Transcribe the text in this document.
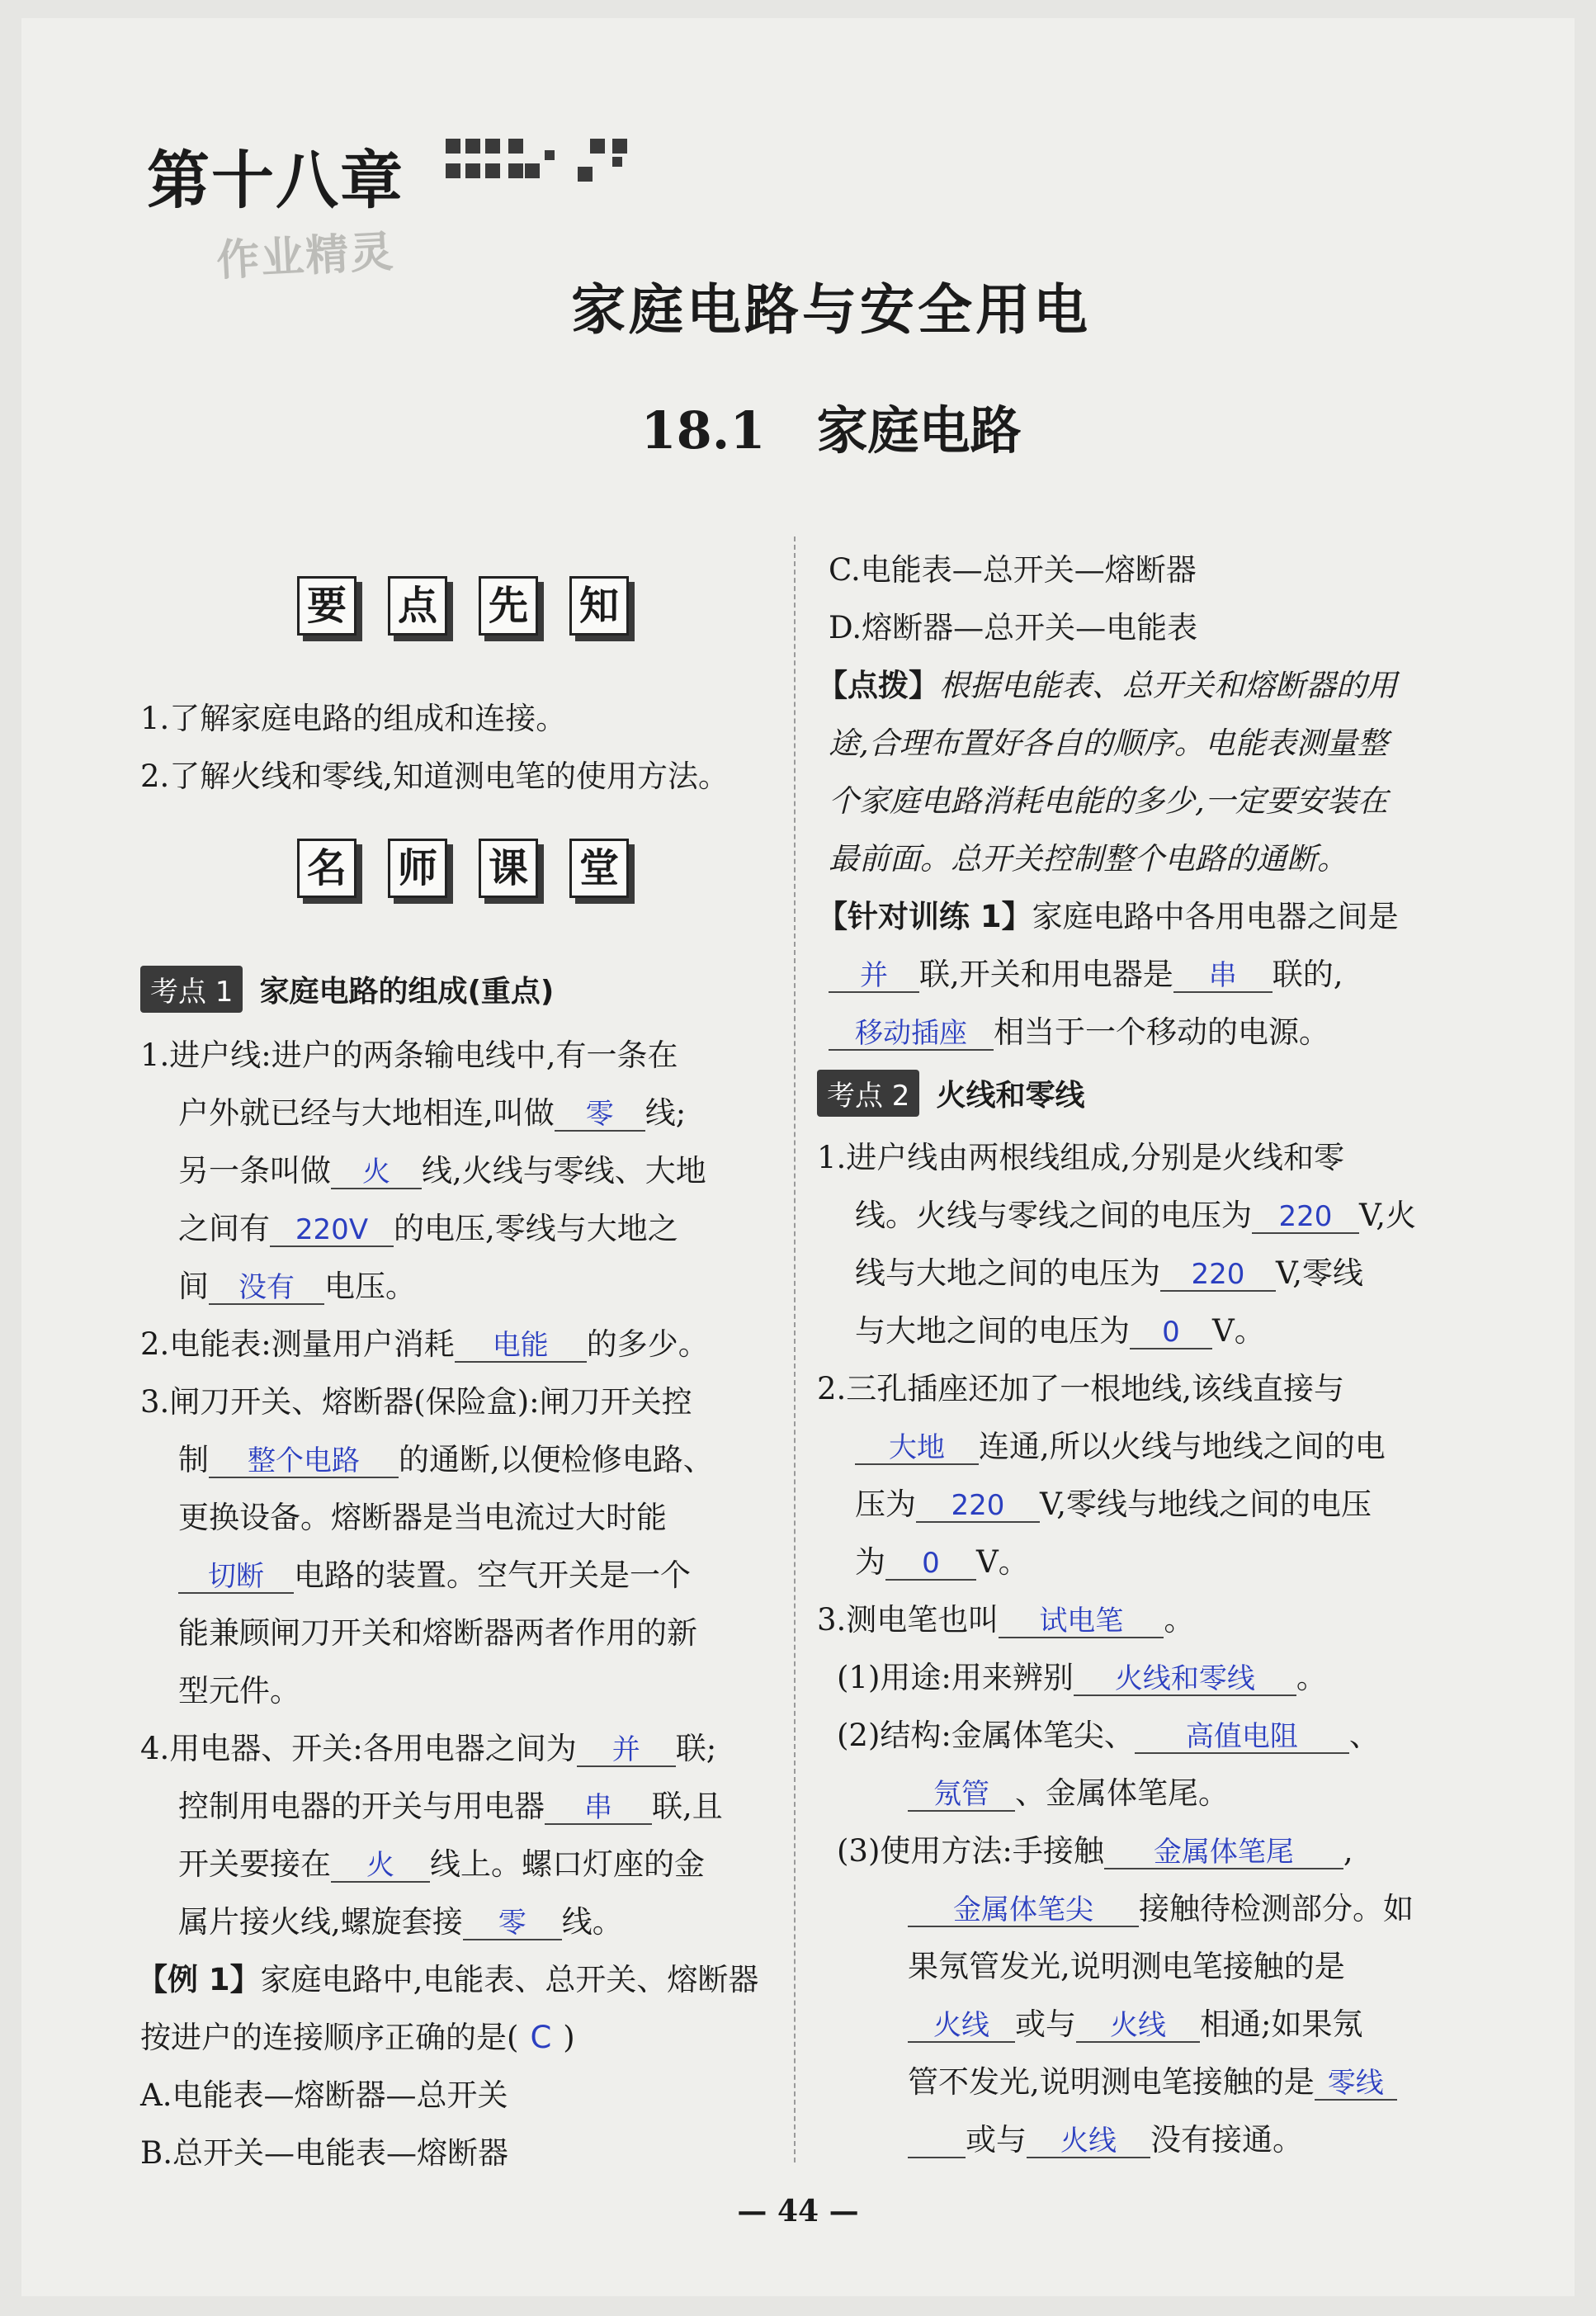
第十八章
作业精灵
家庭电路与安全用电
18.1　家庭电路
要 点 先 知
1.了解家庭电路的组成和连接。
2.了解火线和零线,知道测电笔的使用方法。
名 师 课 堂
考点 1 家庭电路的组成(重点)
1.进户线:进户的两条输电线中,有一条在
户外就已经与大地相连,叫做 零 线;
另一条叫做 火 线,火线与零线、大地
之间有 220V 的电压,零线与大地之
间 没有 电压。
2.电能表:测量用户消耗 电能 的多少。
3.闸刀开关、熔断器(保险盒):闸刀开关控
制 整个电路 的通断,以便检修电路、
更换设备。熔断器是当电流过大时能
切断 电路的装置。空气开关是一个
能兼顾闸刀开关和熔断器两者作用的新
型元件。
4.用电器、开关:各用电器之间为 并 联;
控制用电器的开关与用电器 串 联,且
开关要接在 火 线上。螺口灯座的金
属片接火线,螺旋套接 零 线。
【例 1】家庭电路中,电能表、总开关、熔断器
按进户的连接顺序正确的是( C )
A.电能表—熔断器—总开关
B.总开关—电能表—熔断器
C.电能表—总开关—熔断器
D.熔断器—总开关—电能表
【点拨】根据电能表、总开关和熔断器的用
途,合理布置好各自的顺序。电能表测量整
个家庭电路消耗电能的多少,一定要安装在
最前面。总开关控制整个电路的通断。
【针对训练 1】家庭电路中各用电器之间是
并 联,开关和用电器是 串 联的,
移动插座 相当于一个移动的电源。
考点 2 火线和零线
1.进户线由两根线组成,分别是火线和零
线。火线与零线之间的电压为 220 V,火
线与大地之间的电压为 220 V,零线
与大地之间的电压为 0 V。
2.三孔插座还加了一根地线,该线直接与
大地 连通,所以火线与地线之间的电
压为 220 V,零线与地线之间的电压
为 0 V。
3.测电笔也叫 试电笔 。
(1)用途:用来辨别 火线和零线 。
(2)结构:金属体笔尖、 高值电阻 、
氖管 、金属体笔尾。
(3)使用方法:手接触 金属体笔尾 ,
金属体笔尖 接触待检测部分。如
果氖管发光,说明测电笔接触的是
火线 或与 火线 相通;如果氖
管不发光,说明测电笔接触的是 零线
或与 火线 没有接通。
— 44 —
